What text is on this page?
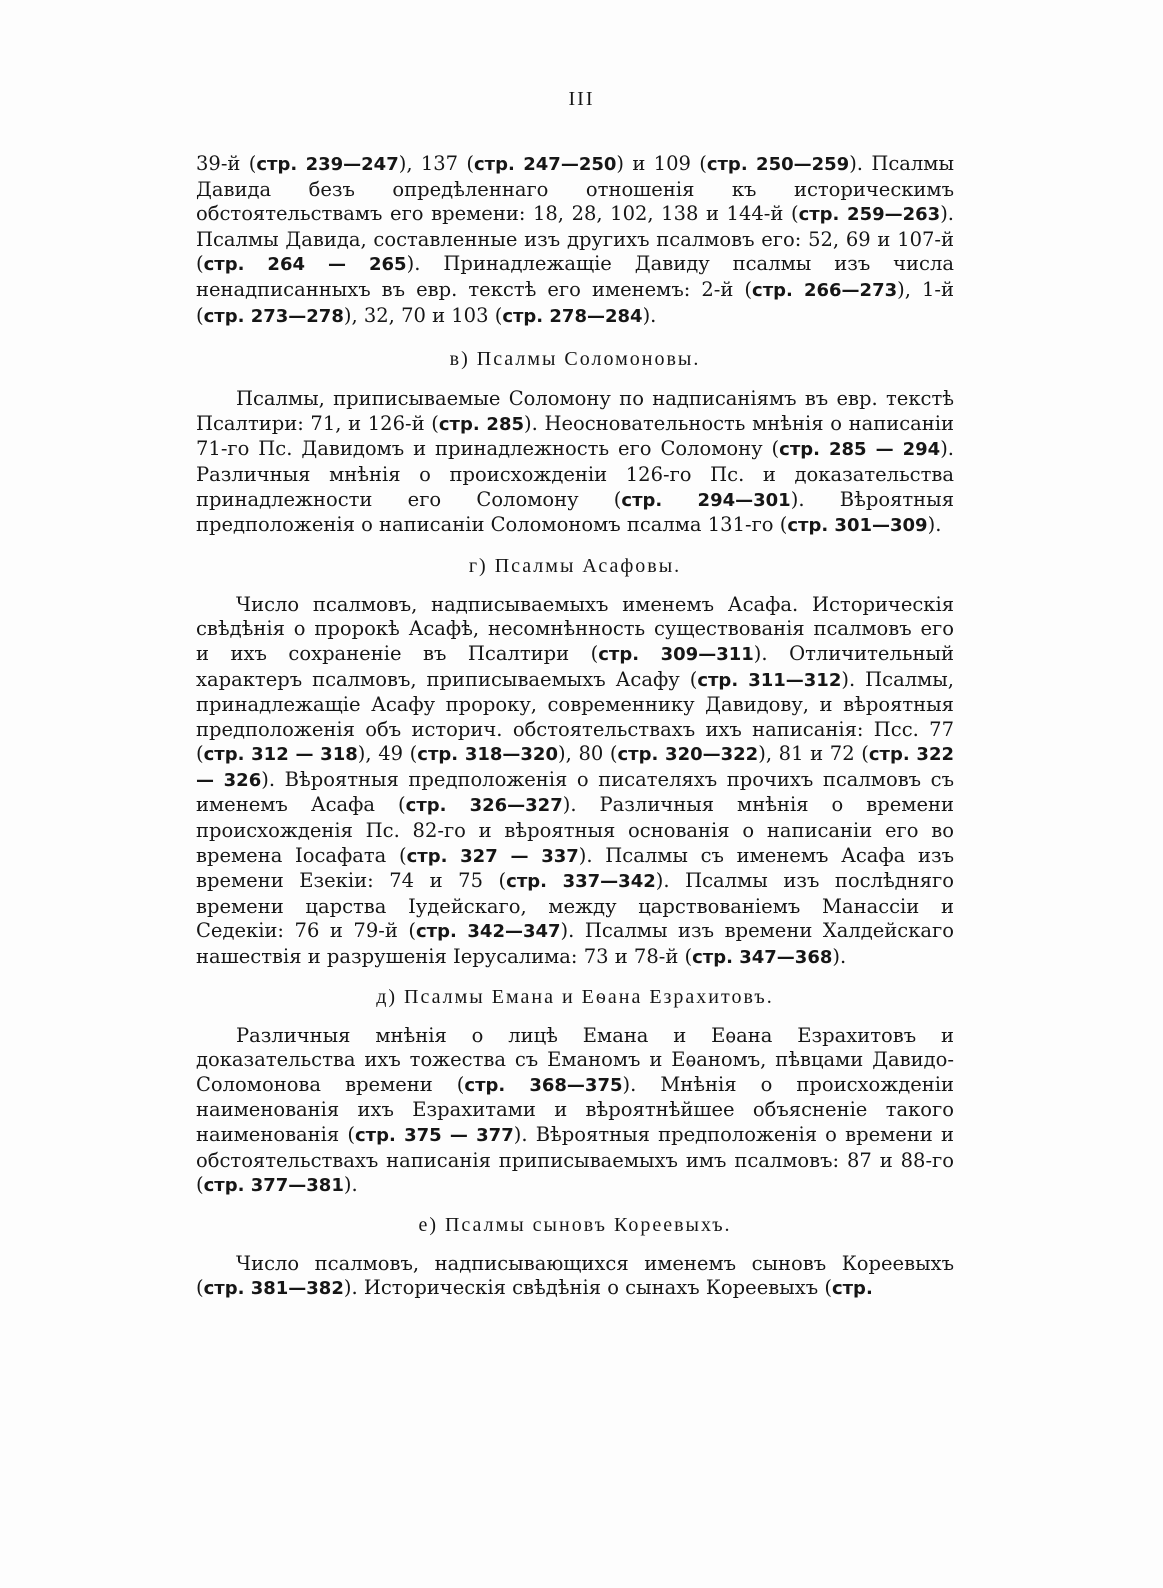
III

39-й (стр. 239—247), 137 (стр. 247—250) и 109 (стр. 250—259). Псалмы Давида безъ опредѣленнаго отношенія къ историческимъ обстоятельствамъ его времени: 18, 28, 102, 138 и 144-й (стр. 259—263). Псалмы Давида, составленные изъ другихъ псалмовъ его: 52, 69 и 107-й (стр. 264 — 265). Принадлежащіе Давиду псалмы изъ числа ненадписанныхъ въ евр. текстѣ его именемъ: 2-й (стр. 266—273), 1-й (стр. 273—278), 32, 70 и 103 (стр. 278—284).

в) Псалмы Соломоновы.

Псалмы, приписываемые Соломону по надписаніямъ въ евр. текстѣ Псалтири: 71, и 126-й (стр. 285). Неосновательность мнѣнія о написаніи 71-го Пс. Давидомъ и принадлежность его Соломону (стр. 285 — 294). Различныя мнѣнія о происхожденіи 126-го Пс. и доказательства принадлежности его Соломону (стр. 294—301). Вѣроятныя предположенія о написаніи Соломономъ псалма 131-го (стр. 301—309).

г) Псалмы Асафовы.

Число псалмовъ, надписываемыхъ именемъ Асафа. Историческія свѣдѣнія о пророкѣ Асафѣ, несомнѣнность существованія псалмовъ его и ихъ сохраненіе въ Псалтири (стр. 309—311). Отличительный характеръ псалмовъ, приписываемыхъ Асафу (стр. 311—312). Псалмы, принадлежащіе Асафу пророку, современнику Давидову, и вѣроятныя предположенія объ историч. обстоятельствахъ ихъ написанія: Псс. 77 (стр. 312 — 318), 49 (стр. 318—320), 80 (стр. 320—322), 81 и 72 (стр. 322 — 326). Вѣроятныя предположенія о писателяхъ прочихъ псалмовъ съ именемъ Асафа (стр. 326—327). Различныя мнѣнія о времени происхожденія Пс. 82-го и вѣроятныя основанія о написаніи его во времена Іосафата (стр. 327 — 337). Псалмы съ именемъ Асафа изъ времени Езекіи: 74 и 75 (стр. 337—342). Псалмы изъ послѣдняго времени царства Іудейскаго, между царствованіемъ Манассіи и Седекіи: 76 и 79-й (стр. 342—347). Псалмы изъ времени Халдейскаго нашествія и разрушенія Іерусалима: 73 и 78-й (стр. 347—368).

д) Псалмы Емана и Еѳана Езрахитовъ.

Различныя мнѣнія о лицѣ Емана и Еѳана Езрахитовъ и доказательства ихъ тожества съ Еманомъ и Еѳаномъ, пѣвцами Давидо-Соломонова времени (стр. 368—375). Мнѣнія о происхожденіи наименованія ихъ Езрахитами и вѣроятнѣйшее объясненіе такого наименованія (стр. 375 — 377). Вѣроятныя предположенія о времени и обстоятельствахъ написанія приписываемыхъ имъ псалмовъ: 87 и 88-го (стр. 377—381).

е) Псалмы сыновъ Кореевыхъ.

Число псалмовъ, надписывающихся именемъ сыновъ Кореевыхъ (стр. 381—382). Историческія свѣдѣнія о сынахъ Кореевыхъ (стр.
